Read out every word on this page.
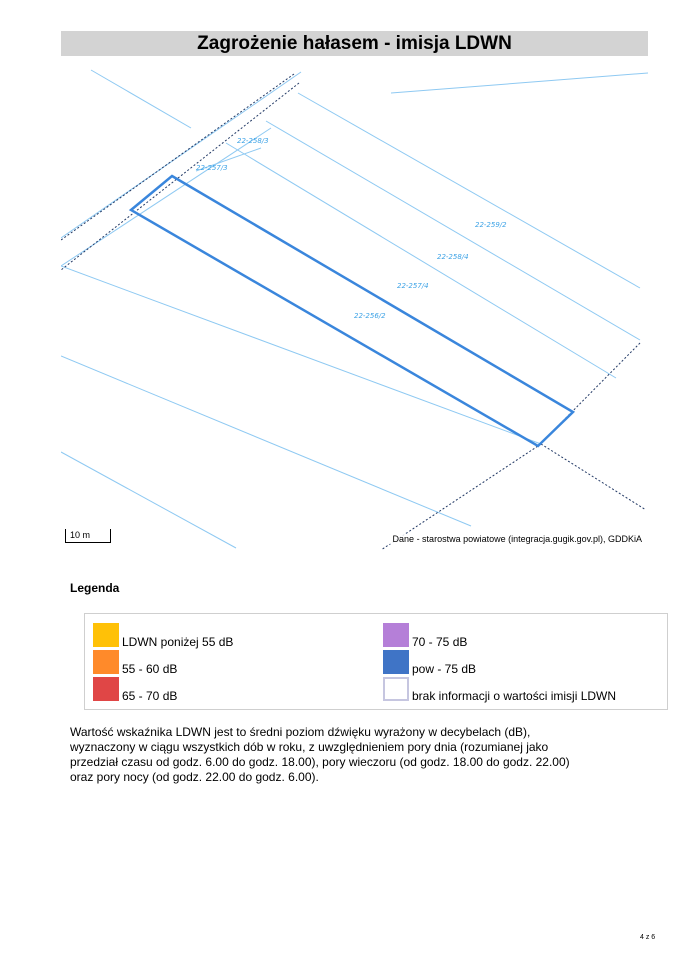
Zagrożenie hałasem - imisja LDWN
22-258/3
22-257/3
22-259/2
22-258/4
22-257/4
22-256/2
10 m	Dane - starostwa powiatowe (integracja.gugik.gov.pl), GDDKiA
Legenda
LDWN poniżej 55 dB
55 - 60 dB
65 - 70 dB
70 - 75 dB
pow - 75 dB
brak informacji o wartości imisji LDWN
Wartość wskaźnika LDWN jest to średni poziom dźwięku wyrażony w decybelach (dB),
wyznaczony w ciągu wszystkich dób w roku, z uwzględnieniem pory dnia (rozumianej jako
przedział czasu od godz. 6.00 do godz. 18.00), pory wieczoru (od godz. 18.00 do godz. 22.00)
oraz pory nocy (od godz. 22.00 do godz. 6.00).
4 z 6
